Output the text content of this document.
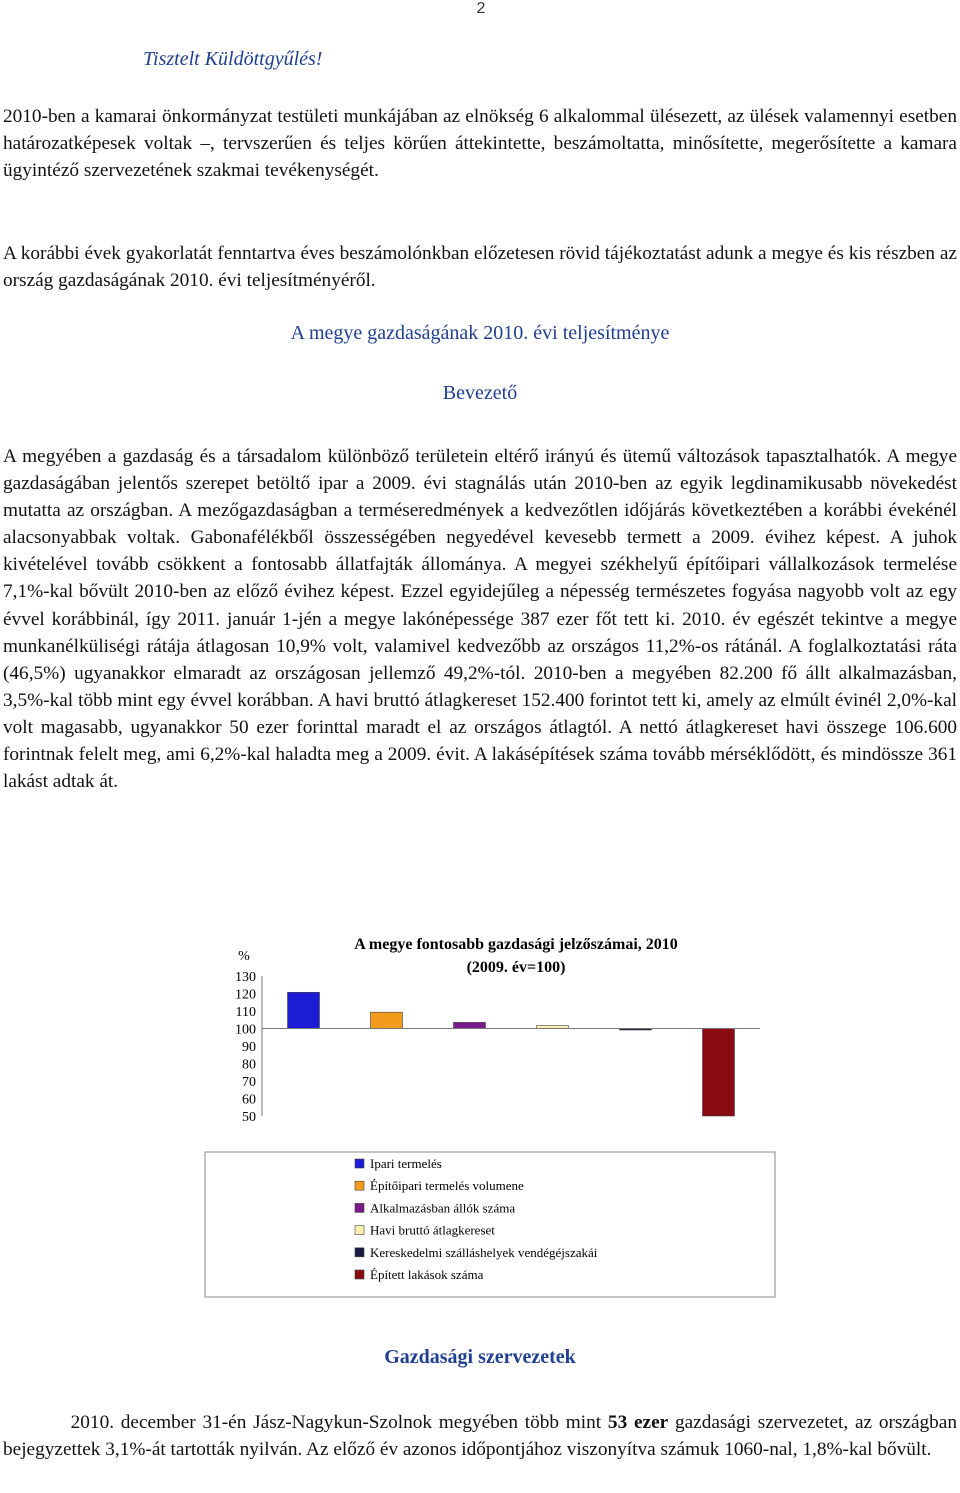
2
Tisztelt Küldöttgyűlés!

2010-ben a kamarai önkormányzat testületi munkájában az elnökség 6 alkalommal ülésezett, az ülések valamennyi esetben határozatképesek voltak –, tervszerűen és teljes körűen áttekintette, beszámoltatta, minősítette, megerősítette a kamara ügyintéző szervezetének szakmai tevékenységét.

A korábbi évek gyakorlatát fenntartva éves beszámolónkban előzetesen rövid tájékoztatást adunk a megye és kis részben az ország gazdaságának 2010. évi teljesítményéről.

A megye gazdaságának 2010. évi teljesítménye
Bevezető

A megyében a gazdaság és a társadalom különböző területein eltérő irányú és ütemű változások tapasztalhatók. A megye gazdaságában jelentős szerepet betöltő ipar a 2009. évi stagnálás után 2010-ben az egyik legdinamikusabb növekedést mutatta az országban. A mezőgazdaságban a terméseredmények a kedvezőtlen időjárás következtében a korábbi évekénél alacsonyabbak voltak. Gabonafélékből összességében negyedével kevesebb termett a 2009. évihez képest. A juhok kivételével tovább csökkent a fontosabb állatfajták állománya. A megyei székhelyű építőipari vállalkozások termelése 7,1%-kal bővült 2010-ben az előző évihez képest. Ezzel egyidejűleg a népesség természetes fogyása nagyobb volt az egy évvel korábbinál, így 2011. január 1-jén a megye lakónépessége 387 ezer főt tett ki. 2010. év egészét tekintve a megye munkanélküliségi rátája átlagosan 10,9% volt, valamivel kedvezőbb az országos 11,2%-os rátánál. A foglalkoztatási ráta (46,5%) ugyanakkor elmaradt az országosan jellemző 49,2%-tól. 2010-ben a megyében 82.200 fő állt alkalmazásban, 3,5%-kal több mint egy évvel korábban. A havi bruttó átlagkereset 152.400 forintot tett ki, amely az elmúlt évinél 2,0%-kal volt magasabb, ugyanakkor 50 ezer forinttal maradt el az országos átlagtól. A nettó átlagkereset havi összege 106.600 forintnak felelt meg, ami 6,2%-kal haladta meg a 2009. évit. A lakásépítések száma tovább mérséklődött, és mindössze 361 lakást adtak át.

A megye fontosabb gazdasági jelzőszámai, 2010
(2009. év=100)
%
50
60
70
80
90
100
110
120
130
Ipari termelés
Építőipari termelés volumene
Alkalmazásban állók száma
Havi bruttó átlagkereset
Kereskedelmi szálláshelyek vendégéjszakái
Épített lakások száma
Gazdasági szervezetek

2010. december 31-én Jász-Nagykun-Szolnok megyében több mint 53 ezer gazdasági szervezetet, az országban bejegyzettek 3,1%-át tartották nyilván. Az előző év azonos időpontjához viszonyítva számuk 1060-nal, 1,8%-kal bővült.
